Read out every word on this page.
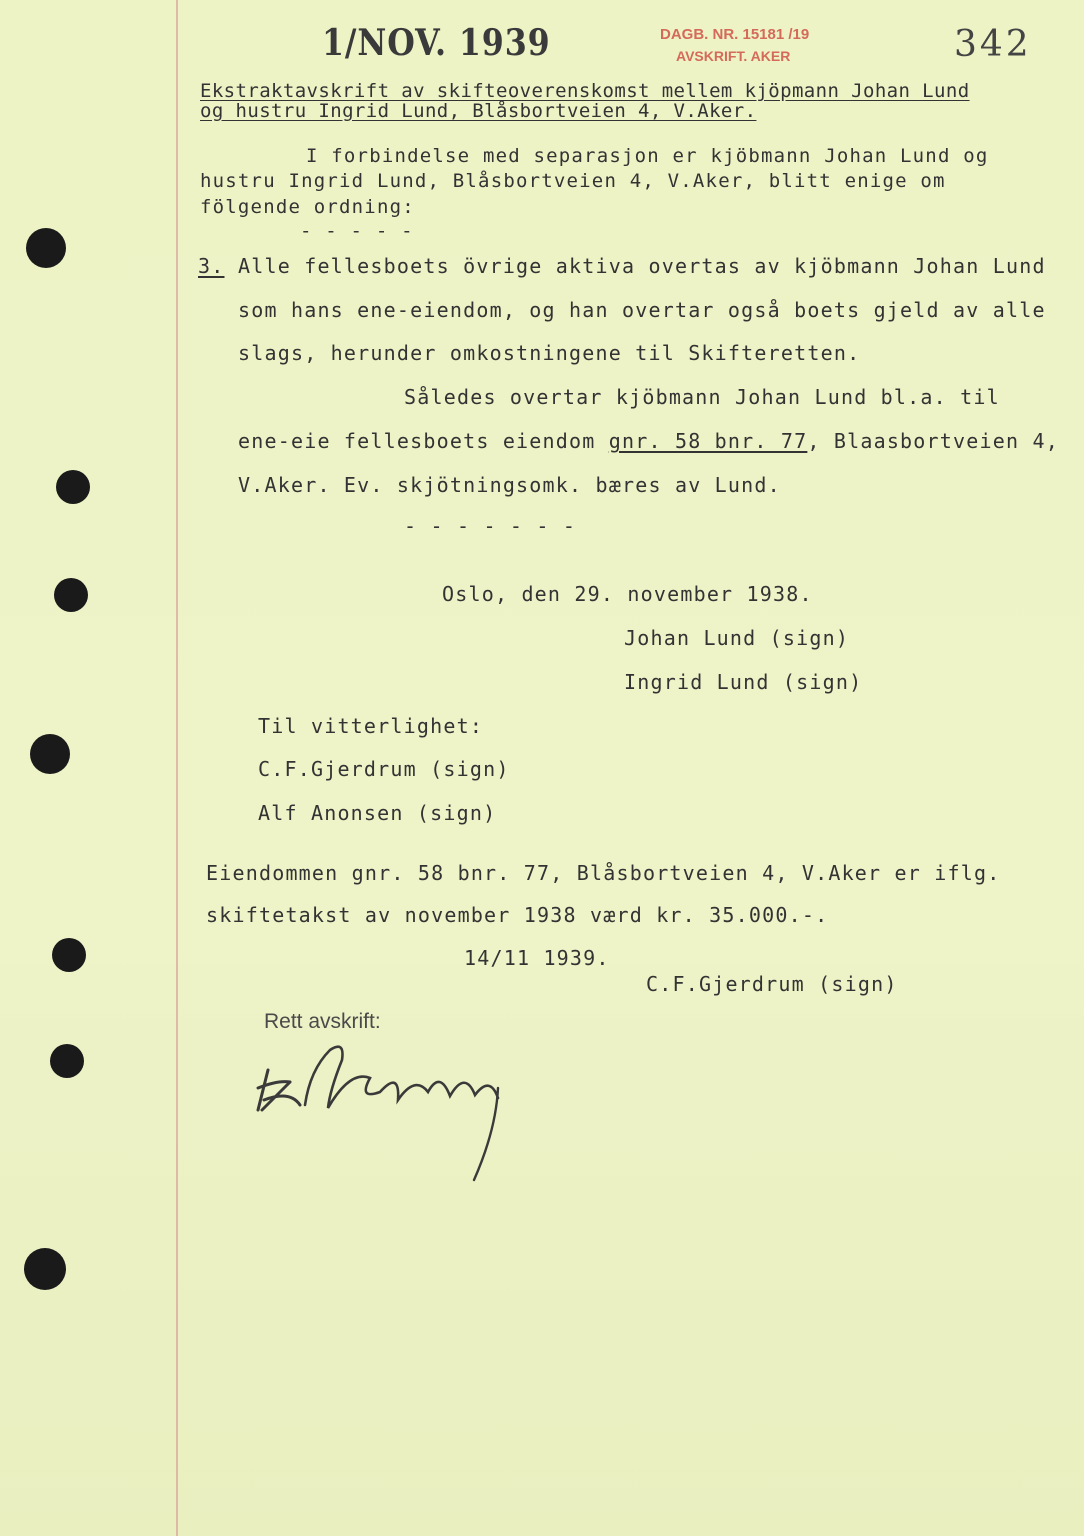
1/NOV. 1939	DAGB. NR. 15181 /19
AVSKRIFT. AKER	342
Ekstraktavskrift av skifteoverenskomst mellem kjöpmann Johan Lund
og hustru Ingrid Lund, Blåsbortveien 4, V.Aker.
I forbindelse med separasjon er kjöbmann Johan Lund og
hustru Ingrid Lund, Blåsbortveien 4, V.Aker, blitt enige om
fölgende ordning:
- - - - -
3. Alle fellesboets övrige aktiva overtas av kjöbmann Johan Lund
som hans ene-eiendom, og han overtar også boets gjeld av alle
slags, herunder omkostningene til Skifteretten.
Således overtar kjöbmann Johan Lund bl.a. til
ene-eie fellesboets eiendom gnr. 58 bnr. 77, Blaasbortveien 4,
V.Aker. Ev. skjötningsomk. bæres av Lund.
- - - - - - -
Oslo, den 29. november 1938.
Johan Lund (sign)
Ingrid Lund (sign)
Til vitterlighet:
C.F.Gjerdrum (sign)
Alf Anonsen (sign)
Eiendommen gnr. 58 bnr. 77, Blåsbortveien 4, V.Aker er iflg.
skiftetakst av november 1938 værd kr. 35.000.-.
14/11 1939.
C.F.Gjerdrum (sign)
Rett avskrift:
